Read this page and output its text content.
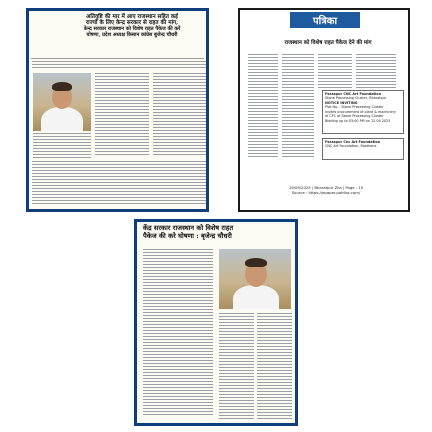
अतिवृष्टि की मार में आए राजस्थान सहित कई
राज्यों के लिए केन्द्र सरकार से राहत की मांग,
केन्द्र सरकार राजस्थान को विशेष राहत पैकेज की करें
घोषणा, प्रदेश अध्यक्ष किसान कांग्रेस बुजेन्द्र चौधरी
पत्रिका
राजस्थान को विशेष राहत पैकेज देने की मांग
Paraspur CNC Art Foundation
Stone Processing Cluster, Bharatpur
NOTICE INVITING
Plot No. : Stone Processing Cluster
invites procurement of plant & machinery
of CFC of Stone Processing Cluster
Bidding up to 03:00 PM on 12.09.2025
Paraspur Cnc Art Foundation
CNC Art Foundation, Rasthana
19/09/2025 | Bharatpur Zila | Page : 15
Source : https://epaper.patrika.com/
केंद्र सरकार राजस्थान को विशेष राहत
पैकेज की करे घोषणा : बृजेन्द्र चौधरी
